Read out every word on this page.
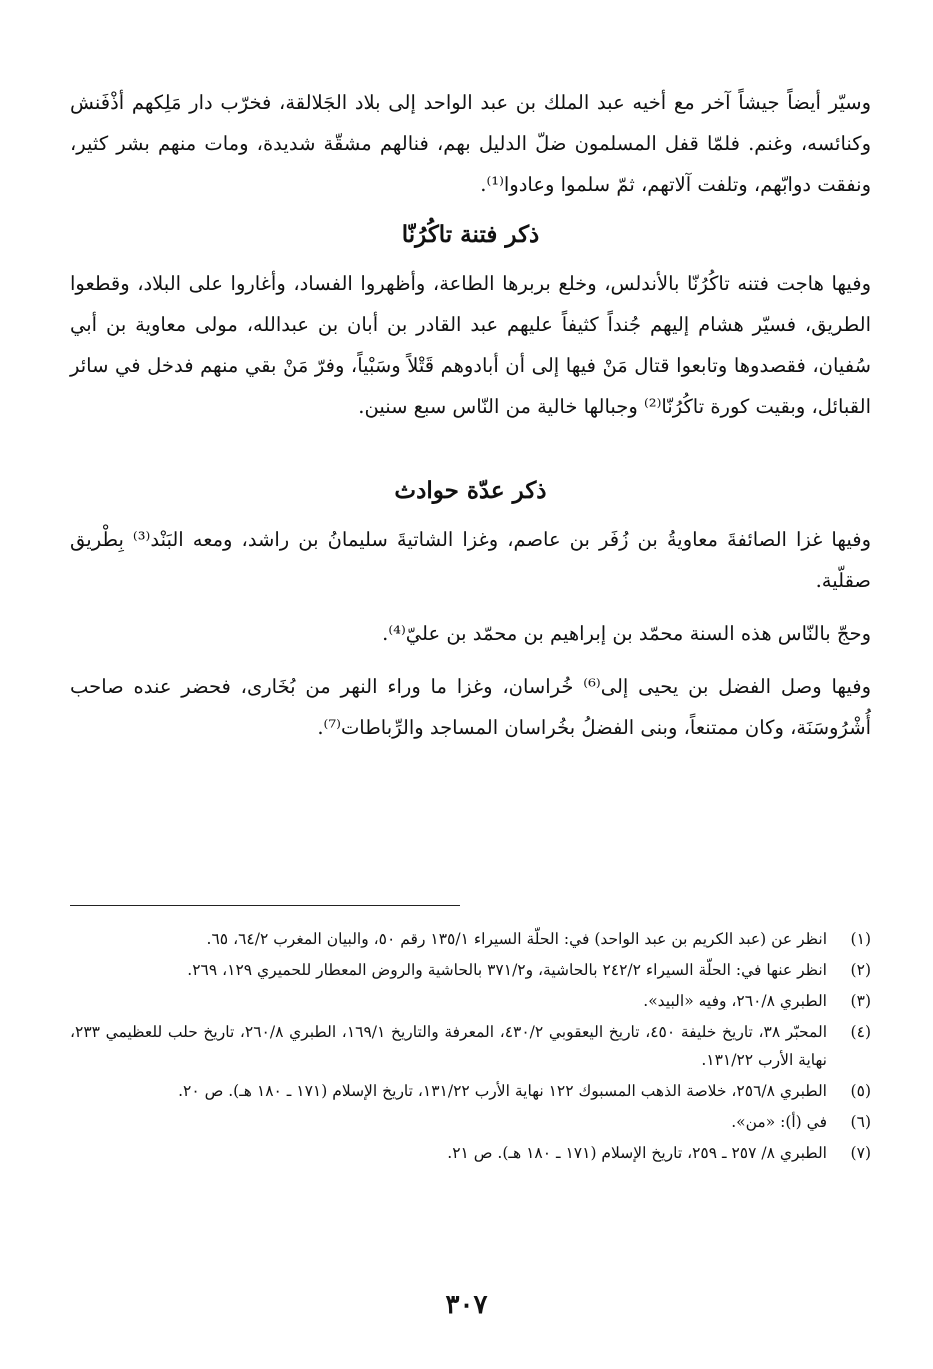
وسيّر أيضاً جيشاً آخر مع أخيه عبد الملك بن عبد الواحد إلى بلاد الجَلالقة، فخرّب دار مَلِكهم أذْفَنش وكنائسه، وغنم. فلمّا قفل المسلمون ضلّ الدليل بهم، فنالهم مشقّة شديدة، ومات منهم بشر كثير، ونفقت دوابّهم، وتلفت آلاتهم، ثمّ سلموا وعادوا⁽¹⁾.

ذكر فتنة تاكُرُنّا

وفيها هاجت فتنه تاكُرُنّا بالأندلس، وخلع بربرها الطاعة، وأظهروا الفساد، وأغاروا على البلاد، وقطعوا الطريق، فسيّر هشام إليهم جُنداً كثيفاً عليهم عبد القادر بن أبان بن عبدالله، مولى معاوية بن أبي سُفيان، فقصدوها وتابعوا قتال مَنْ فيها إلى أن أبادوهم قَتْلاً وسَبْياً، وفرّ مَنْ بقي منهم فدخل في سائر القبائل، وبقيت كورة تاكُرُنّا⁽²⁾ وجبالها خالية من النّاس سبع سنين.

ذكر عدّة حوادث

وفيها غزا الصائفةَ معاويةُ بن زُفَر بن عاصم، وغزا الشاتيةَ سليمانُ بن راشد، ومعه البَنْد⁽³⁾ بِطْريق صقلّية.

وحجّ بالنّاس هذه السنة محمّد بن إبراهيم بن محمّد بن عليّ⁽⁴⁾.

وفيها وصل الفضل بن يحيى إلى⁽⁶⁾ خُراسان، وغزا ما وراء النهر من بُخَارى، فحضر عنده صاحب أُشْرُوسَنَة، وكان ممتنعاً، وبنى الفضلُ بخُراسان المساجد والرِّباطات⁽⁷⁾.

(١)
انظر عن (عبد الكريم بن عبد الواحد) في: الحلّة السيراء ١٣٥/١ رقم ٥٠، والبيان المغرب ٦٤/٢، ٦٥.
(٢)
انظر عنها في: الحلّة السيراء ٢٤٢/٢ بالحاشية، و٣٧١/٢ بالحاشية والروض المعطار للحميري ١٢٩، ٢٦٩.
(٣)
الطبري ٢٦٠/٨، وفيه «البيد».
(٤)
المحبّر ٣٨، تاريخ خليفة ٤٥٠، تاريخ اليعقوبي ٤٣٠/٢، المعرفة والتاريخ ١٦٩/١، الطبري ٢٦٠/٨، تاريخ حلب للعظيمي ٢٣٣، نهاية الأرب ١٣١/٢٢.
(٥)
الطبري ٢٥٦/٨، خلاصة الذهب المسبوك ١٢٢ نهاية الأرب ١٣١/٢٢، تاريخ الإسلام (١٧١ ـ ١٨٠ هـ). ص ٢٠.
(٦)
في (أ): «من».
(٧)
الطبري ٨/ ٢٥٧ ـ ٢٥٩، تاريخ الإسلام (١٧١ ـ ١٨٠ هـ). ص ٢١.
٣٠٧
